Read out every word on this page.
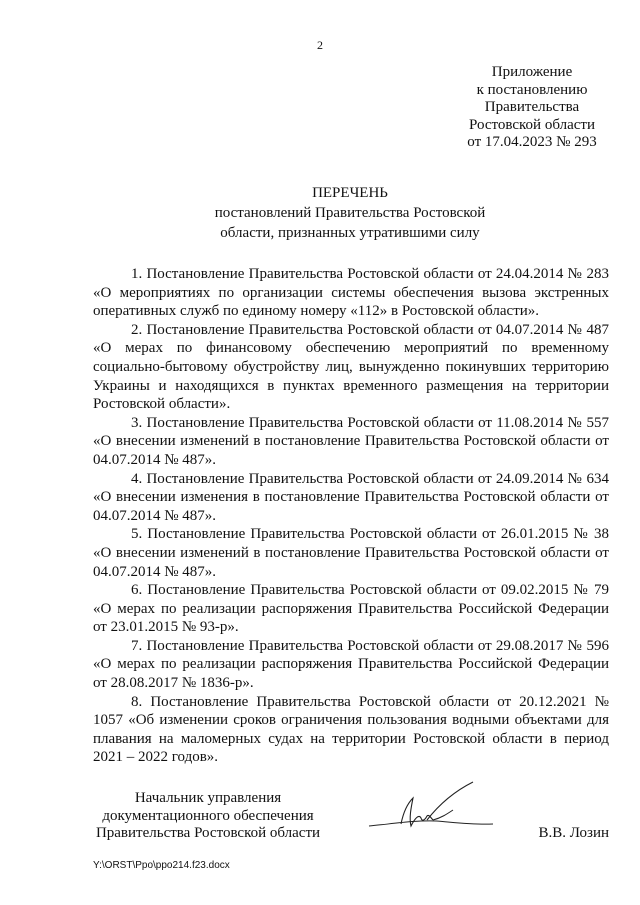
2
Приложение
к постановлению
Правительства
Ростовской области
от 17.04.2023 № 293
ПЕРЕЧЕНЬ
постановлений Правительства Ростовской
области, признанных утратившими силу

1. Постановление Правительства Ростовской области от 24.04.2014 № 283 «О мероприятиях по организации системы обеспечения вызова экстренных оперативных служб по единому номеру «112» в Ростовской области».

2. Постановление Правительства Ростовской области от 04.07.2014 № 487 «О мерах по финансовому обеспечению мероприятий по временному социально-бытовому обустройству лиц, вынужденно покинувших территорию Украины и находящихся в пунктах временного размещения на территории Ростовской области».

3. Постановление Правительства Ростовской области от 11.08.2014 № 557 «О внесении изменений в постановление Правительства Ростовской области от 04.07.2014 № 487».

4. Постановление Правительства Ростовской области от 24.09.2014 № 634 «О внесении изменения в постановление Правительства Ростовской области от 04.07.2014 № 487».

5. Постановление Правительства Ростовской области от 26.01.2015 № 38 «О внесении изменений в постановление Правительства Ростовской области от 04.07.2014 № 487».

6. Постановление Правительства Ростовской области от 09.02.2015 № 79 «О мерах по реализации распоряжения Правительства Российской Федерации от 23.01.2015 № 93-р».

7. Постановление Правительства Ростовской области от 29.08.2017 № 596 «О мерах по реализации распоряжения Правительства Российской Федерации от 28.08.2017 № 1836-р».

8. Постановление Правительства Ростовской области от 20.12.2021 № 1057 «Об изменении сроков ограничения пользования водными объектами для плавания на маломерных судах на территории Ростовской области в период 2021 – 2022 годов».

Начальник управления
документационного обеспечения
Правительства Ростовской области	В.В. Лозин
Y:\ORST\Ppo\ppo214.f23.docx
